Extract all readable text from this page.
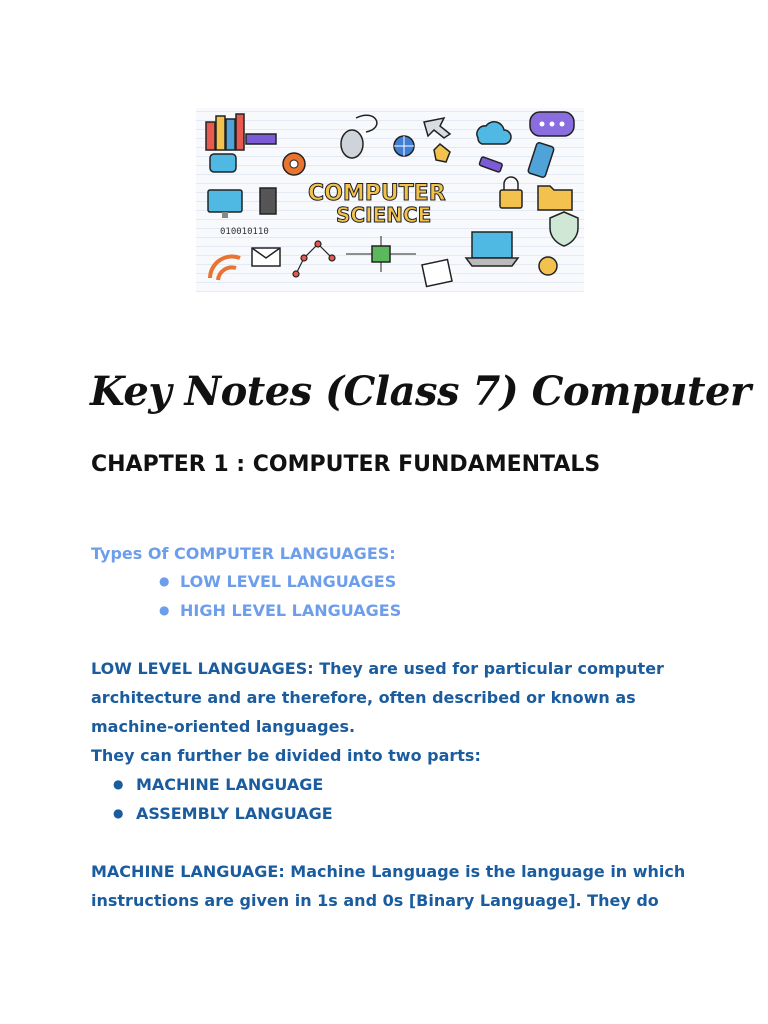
COMPUTER
SCIENCE
010010110
Key Notes (Class 7) Computer
CHAPTER 1 : COMPUTER FUNDAMENTALS
Types Of COMPUTER LANGUAGES:
● LOW LEVEL LANGUAGES
● HIGH LEVEL LANGUAGES
LOW LEVEL LANGUAGES: They are used for particular computer
architecture and are therefore, often described or known as
machine-oriented languages.
They can further be divided into two parts:
● MACHINE LANGUAGE
● ASSEMBLY LANGUAGE
MACHINE LANGUAGE: Machine Language is the language in which
instructions are given in 1s and 0s [Binary Language]. They do
